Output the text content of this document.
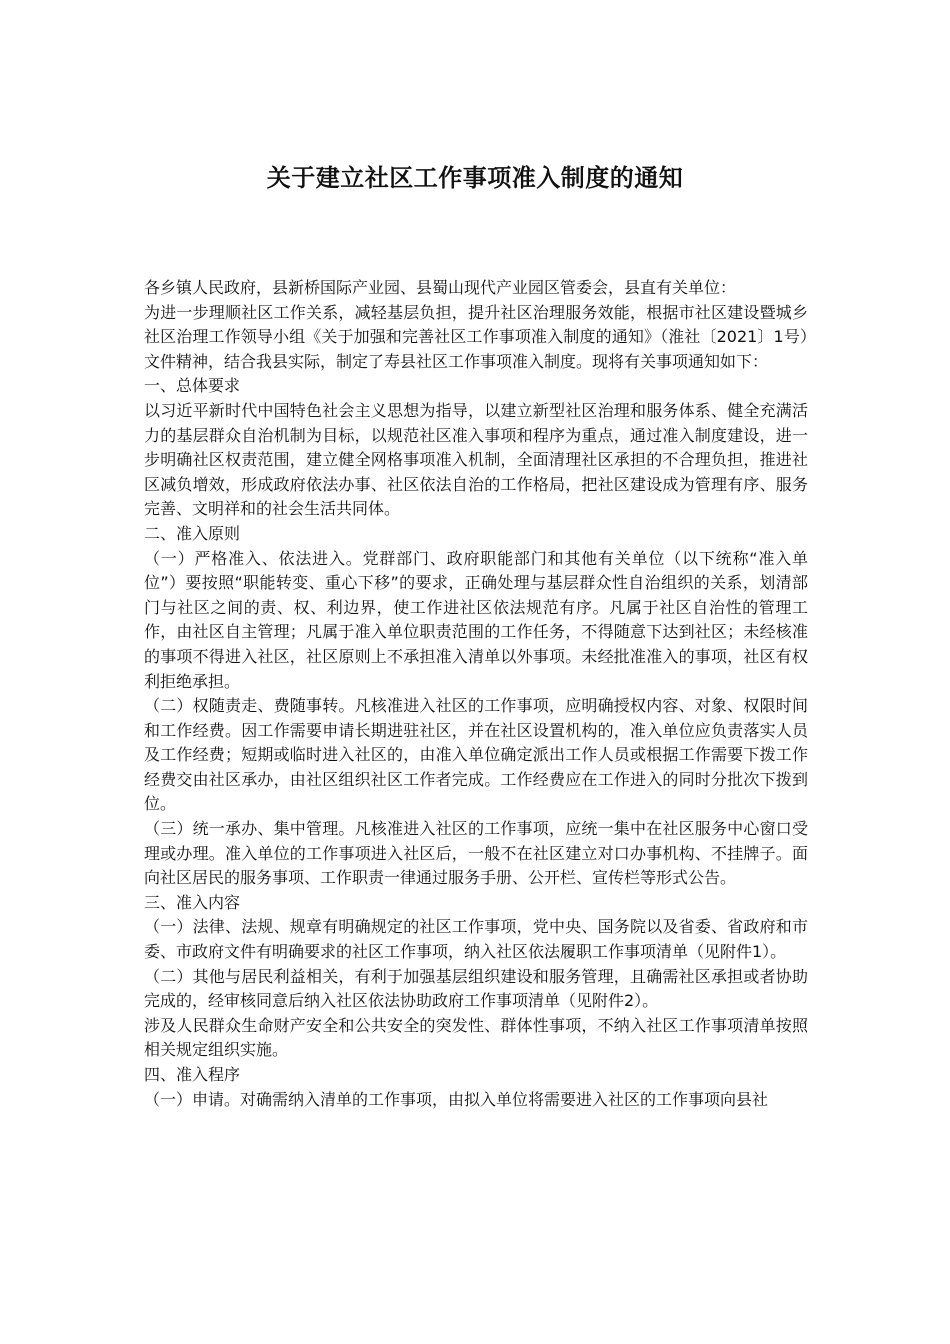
关于建立社区工作事项准入制度的通知

各乡镇人民政府，县新桥国际产业园、县蜀山现代产业园区管委会，县直有关单位：

为进一步理顺社区工作关系，减轻基层负担，提升社区治理服务效能，根据市社区建设暨城乡社区治理工作领导小组《关于加强和完善社区工作事项准入制度的通知》（淮社〔2021〕1号）文件精神，结合我县实际，制定了寿县社区工作事项准入制度。现将有关事项通知如下：

一、总体要求

以习近平新时代中国特色社会主义思想为指导，以建立新型社区治理和服务体系、健全充满活力的基层群众自治机制为目标，以规范社区准入事项和程序为重点，通过准入制度建设，进一步明确社区权责范围，建立健全网格事项准入机制，全面清理社区承担的不合理负担，推进社区减负增效，形成政府依法办事、社区依法自治的工作格局，把社区建设成为管理有序、服务完善、文明祥和的社会生活共同体。

二、准入原则

（一）严格准入、依法进入。党群部门、政府职能部门和其他有关单位（以下统称“准入单位”）要按照“职能转变、重心下移”的要求，正确处理与基层群众性自治组织的关系，划清部门与社区之间的责、权、利边界，使工作进社区依法规范有序。凡属于社区自治性的管理工作，由社区自主管理；凡属于准入单位职责范围的工作任务，不得随意下达到社区；未经核准的事项不得进入社区，社区原则上不承担准入清单以外事项。未经批准准入的事项，社区有权利拒绝承担。

（二）权随责走、费随事转。凡核准进入社区的工作事项，应明确授权内容、对象、权限时间和工作经费。因工作需要申请长期进驻社区，并在社区设置机构的，准入单位应负责落实人员及工作经费；短期或临时进入社区的，由准入单位确定派出工作人员或根据工作需要下拨工作经费交由社区承办，由社区组织社区工作者完成。工作经费应在工作进入的同时分批次下拨到位。

（三）统一承办、集中管理。凡核准进入社区的工作事项，应统一集中在社区服务中心窗口受理或办理。准入单位的工作事项进入社区后，一般不在社区建立对口办事机构、不挂牌子。面向社区居民的服务事项、工作职责一律通过服务手册、公开栏、宣传栏等形式公告。

三、准入内容

（一）法律、法规、规章有明确规定的社区工作事项，党中央、国务院以及省委、省政府和市委、市政府文件有明确要求的社区工作事项，纳入社区依法履职工作事项清单（见附件1）。

（二）其他与居民利益相关，有利于加强基层组织建设和服务管理，且确需社区承担或者协助完成的，经审核同意后纳入社区依法协助政府工作事项清单（见附件2）。

涉及人民群众生命财产安全和公共安全的突发性、群体性事项，不纳入社区工作事项清单按照相关规定组织实施。

四、准入程序

（一）申请。对确需纳入清单的工作事项，由拟入单位将需要进入社区的工作事项向县社
